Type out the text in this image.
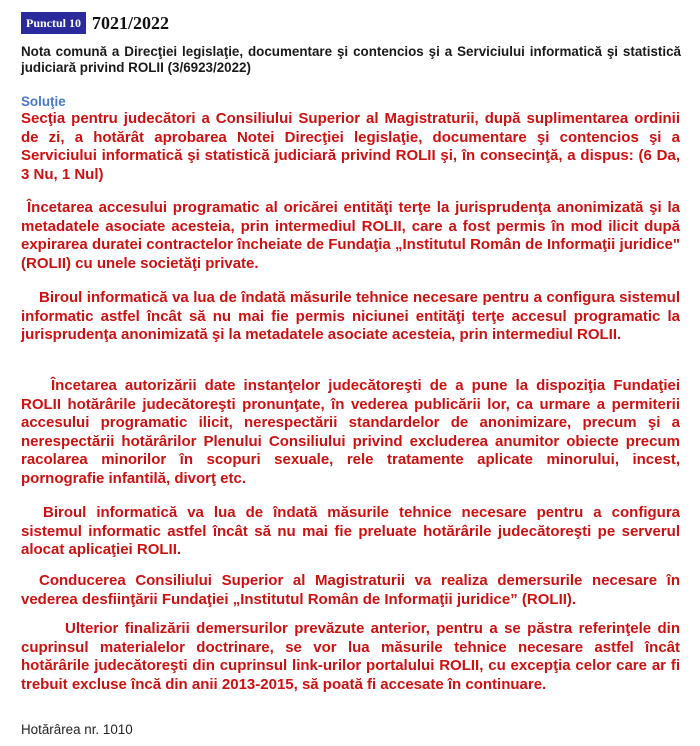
Punctul 10 7021/2022
Nota comună a Direcţiei legislaţie, documentare şi contencios şi a Serviciului informatică şi statistică judiciară privind ROLII (3/6923/2022)
Soluţie

Secţia pentru judecători a Consiliului Superior al Magistraturii, după suplimentarea ordinii de zi, a hotărât aprobarea Notei Direcţiei legislaţie, documentare şi contencios şi a Serviciului informatică şi statistică judiciară privind ROLII şi, în consecinţă, a dispus: (6 Da, 3 Nu, 1 Nul)

Încetarea accesului programatic al oricărei entităţi terţe la jurisprudenţa anonimizată şi la metadatele asociate acesteia, prin intermediul ROLII, care a fost permis în mod ilicit după expirarea duratei contractelor încheiate de Fundaţia „Institutul Român de Informaţii juridice" (ROLII) cu unele societăţi private.

Biroul informatică va lua de îndată măsurile tehnice necesare pentru a configura sistemul informatic astfel încât să nu mai fie permis niciunei entităţi terţe accesul programatic la jurisprudenţa anonimizată şi la metadatele asociate acesteia, prin intermediul ROLII.

Încetarea autorizării date instanţelor judecătoreşti de a pune la dispoziţia Fundaţiei ROLII hotărârile judecătoreşti pronunţate, în vederea publicării lor, ca urmare a permiterii accesului programatic ilicit, nerespectării standardelor de anonimizare, precum şi a nerespectării hotărârilor Plenului Consiliului privind excluderea anumitor obiecte precum racolarea minorilor în scopuri sexuale, rele tratamente aplicate minorului, incest, pornografie infantilă, divorţ etc.

Biroul informatică va lua de îndată măsurile tehnice necesare pentru a configura sistemul informatic astfel încât să nu mai fie preluate hotărârile judecătoreşti pe serverul alocat aplicaţiei ROLII.

Conducerea Consiliului Superior al Magistraturii va realiza demersurile necesare în vederea desfiinţării Fundaţiei „Institutul Român de Informaţii juridice” (ROLII).

Ulterior finalizării demersurilor prevăzute anterior, pentru a se păstra referinţele din cuprinsul materialelor doctrinare, se vor lua măsurile tehnice necesare astfel încât hotărârile judecătoreşti din cuprinsul link-urilor portalului ROLII, cu excepţia celor care ar fi trebuit excluse încă din anii 2013-2015, să poată fi accesate în continuare.

Hotărârea nr. 1010
